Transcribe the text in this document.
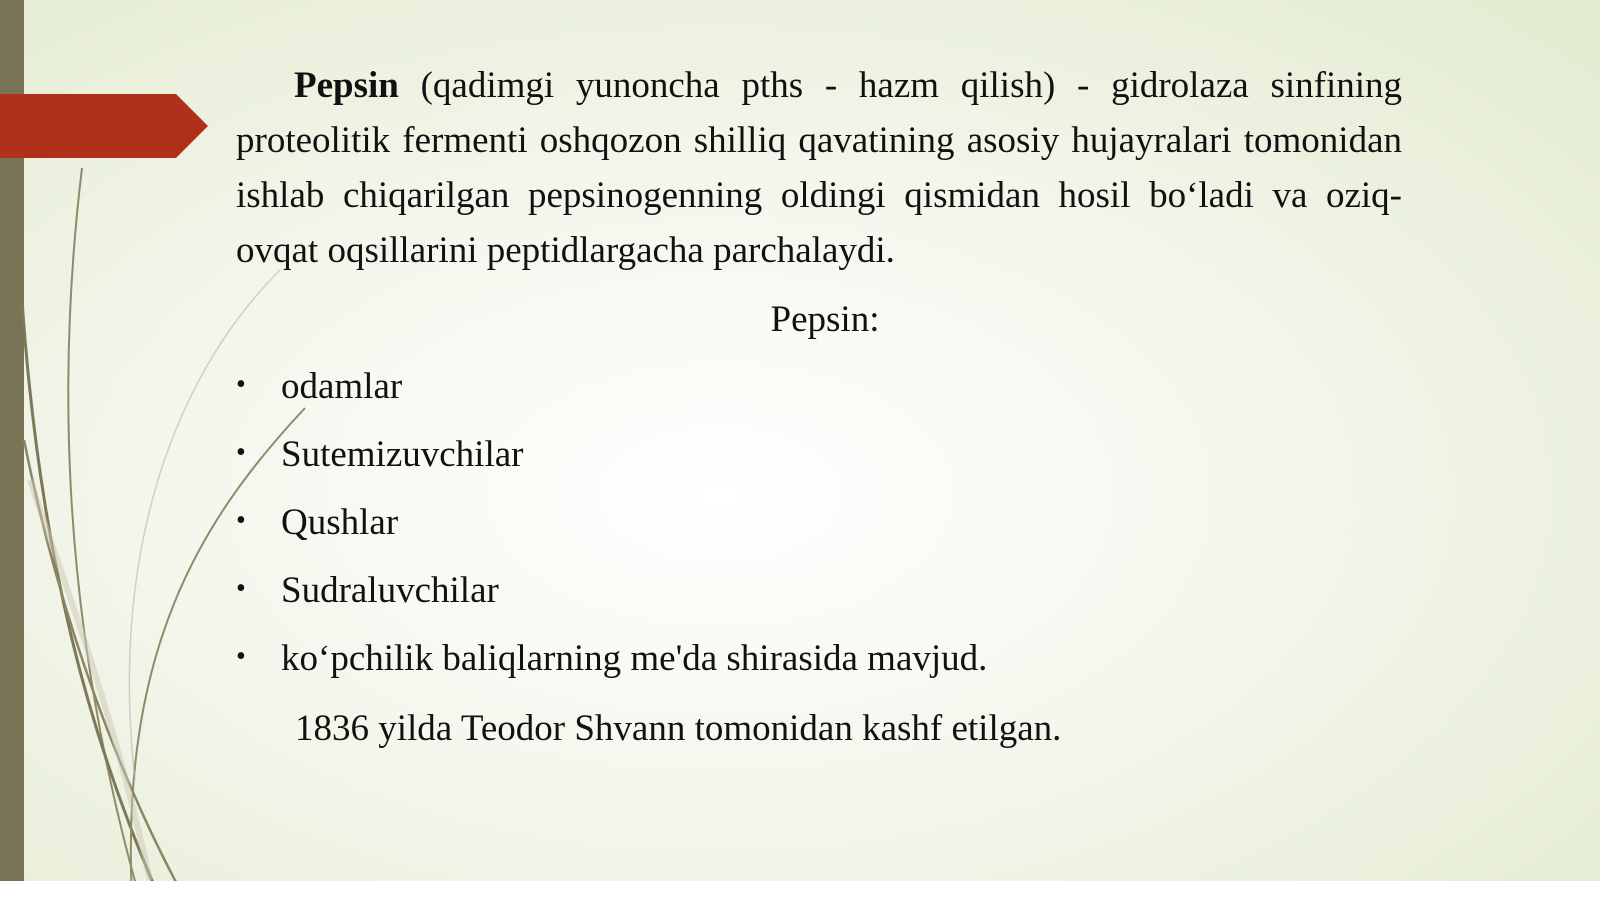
Pepsin (qadimgi yunoncha pths - hazm qilish) - gidrolaza sinfining proteolitik fermenti oshqozon shilliq qavatining asosiy hujayralari tomonidan ishlab chiqarilgan pepsinogenning oldingi qismidan hosil bo‘ladi va oziq-ovqat oqsillarini peptidlargacha parchalaydi.

Pepsin:
• odamlar
• Sutemizuvchilar
• Qushlar
• Sudraluvchilar
• ko‘pchilik baliqlarning me'da shirasida mavjud.
1836 yilda Teodor Shvann tomonidan kashf etilgan.
